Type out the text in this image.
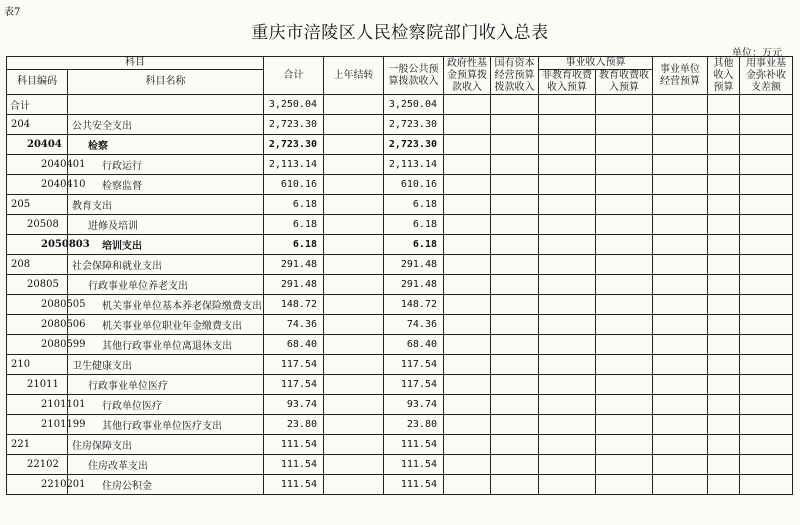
表7
重庆市涪陵区人民检察院部门收入总表
单位：万元
科目		合计	上年结转	一般公共预算拨款收入	政府性基金预算拨款收入	国有资本经营预算拨款收入	事业收入预算		事业单位经营预算	其他收入预算	用事业基金弥补收支差额
科目编码	科目名称						非教育收费收入预算	教育收费收入预算			

合计		3,250.04		3,250.04							
204	公共安全支出	2,723.30		2,723.30							
20404	检察	2,723.30		2,723.30							
2040401	行政运行	2,113.14		2,113.14							
2040410	检察监督	610.16		610.16							
205	教育支出	6.18		6.18							
20508	进修及培训	6.18		6.18							
2050803	培训支出	6.18		6.18							
208	社会保障和就业支出	291.48		291.48							
20805	行政事业单位养老支出	291.48		291.48							
2080505	机关事业单位基本养老保险缴费支出	148.72		148.72							
2080506	机关事业单位职业年金缴费支出	74.36		74.36							
2080599	其他行政事业单位离退休支出	68.40		68.40							
210	卫生健康支出	117.54		117.54							
21011	行政事业单位医疗	117.54		117.54							
2101101	行政单位医疗	93.74		93.74							
2101199	其他行政事业单位医疗支出	23.80		23.80							
221	住房保障支出	111.54		111.54							
22102	住房改革支出	111.54		111.54							
2210201	住房公积金	111.54		111.54							
